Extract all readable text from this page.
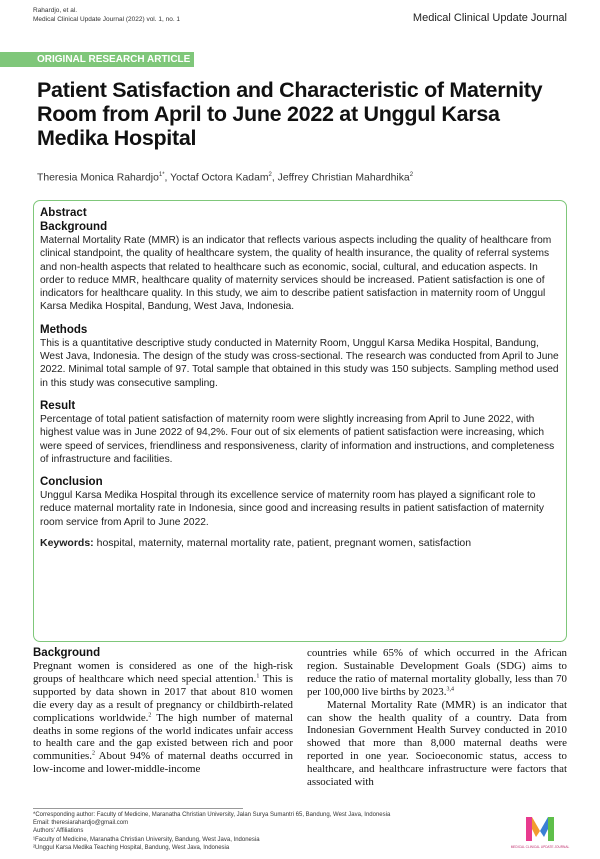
Rahardjo, et al.
Medical Clinical Update Journal (2022) vol. 1, no. 1	Medical Clinical Update Journal
ORIGINAL RESEARCH ARTICLE
Patient Satisfaction and Characteristic of Maternity Room from April to June 2022 at Unggul Karsa Medika Hospital
Theresia Monica Rahardjo$^{1*}$, Yoctaf Octora Kadam$^2$, Jeffrey Christian Mahardhika$^2$
Abstract
Background

Maternal Mortality Rate (MMR) is an indicator that reflects various aspects including the quality of healthcare from clinical standpoint, the quality of healthcare system, the quality of health insurance, the quality of referral systems and non-health aspects that related to healthcare such as economic, social, cultural, and education aspects. In order to reduce MMR, healthcare quality of maternity services should be increased. Patient satisfaction is one of indicators for healthcare quality. In this study, we aim to describe patient satisfaction in maternity room of Unggul Karsa Medika Hospital, Bandung, West Java, Indonesia.

Methods

This is a quantitative descriptive study conducted in Maternity Room, Unggul Karsa Medika Hospital, Bandung, West Java, Indonesia. The design of the study was cross-sectional. The research was conducted from April to June 2022. Minimal total sample of 97. Total sample that obtained in this study was 150 subjects. Sampling method used in this study was consecutive sampling.

Result

Percentage of total patient satisfaction of maternity room were slightly increasing from April to June 2022, with highest value was in June 2022 of 94,2%. Four out of six elements of patient satisfaction were increasing, which were speed of services, friendliness and responsiveness, clarity of information and instructions, and completeness of infrastructure and facilities.

Conclusion

Unggul Karsa Medika Hospital through its excellence service of maternity room has played a significant role to reduce maternal mortality rate in Indonesia, since good and increasing results in patient satisfaction of maternity room service from April to June 2022.

Keywords: hospital, maternity, maternal mortality rate, patient, pregnant women, satisfaction
Background

Pregnant women is considered as one of the high-risk groups of healthcare which need special attention.$^1$ This is supported by data shown in 2017 that about 810 women die every day as a result of pregnancy or childbirth-related complications worldwide.$^2$ The high number of maternal deaths in some regions of the world indicates unfair access to health care and the gap existed between rich and poor communities.$^2$ About 94% of maternal deaths occurred in low-income and lower-middle-income

countries while 65% of which occurred in the African region. Sustainable Development Goals (SDG) aims to reduce the ratio of maternal mortality globally, less than 70 per 100,000 live births by 2023.$^{3,4}$

Maternal Mortality Rate (MMR) is an indicator that can show the health quality of a country. Data from Indonesian Government Health Survey conducted in 2010 showed that more than 8,000 maternal deaths were reported in one year. Socioeconomic status, access to healthcare, and healthcare infrastructure were factors that associated with

*Corresponding author: Faculty of Medicine, Maranatha Christian University, Jalan Surya Sumantri 65, Bandung, West Java, Indonesia
Email: theresiarahardjo@gmail.com
Authors' Affiliations
¹Faculty of Medicine, Maranatha Christian University, Bandung, West Java, Indonesia
²Unggul Karsa Medika Teaching Hospital, Bandung, West Java, Indonesia	MEDICAL CLINICAL UPDATE JOURNAL
